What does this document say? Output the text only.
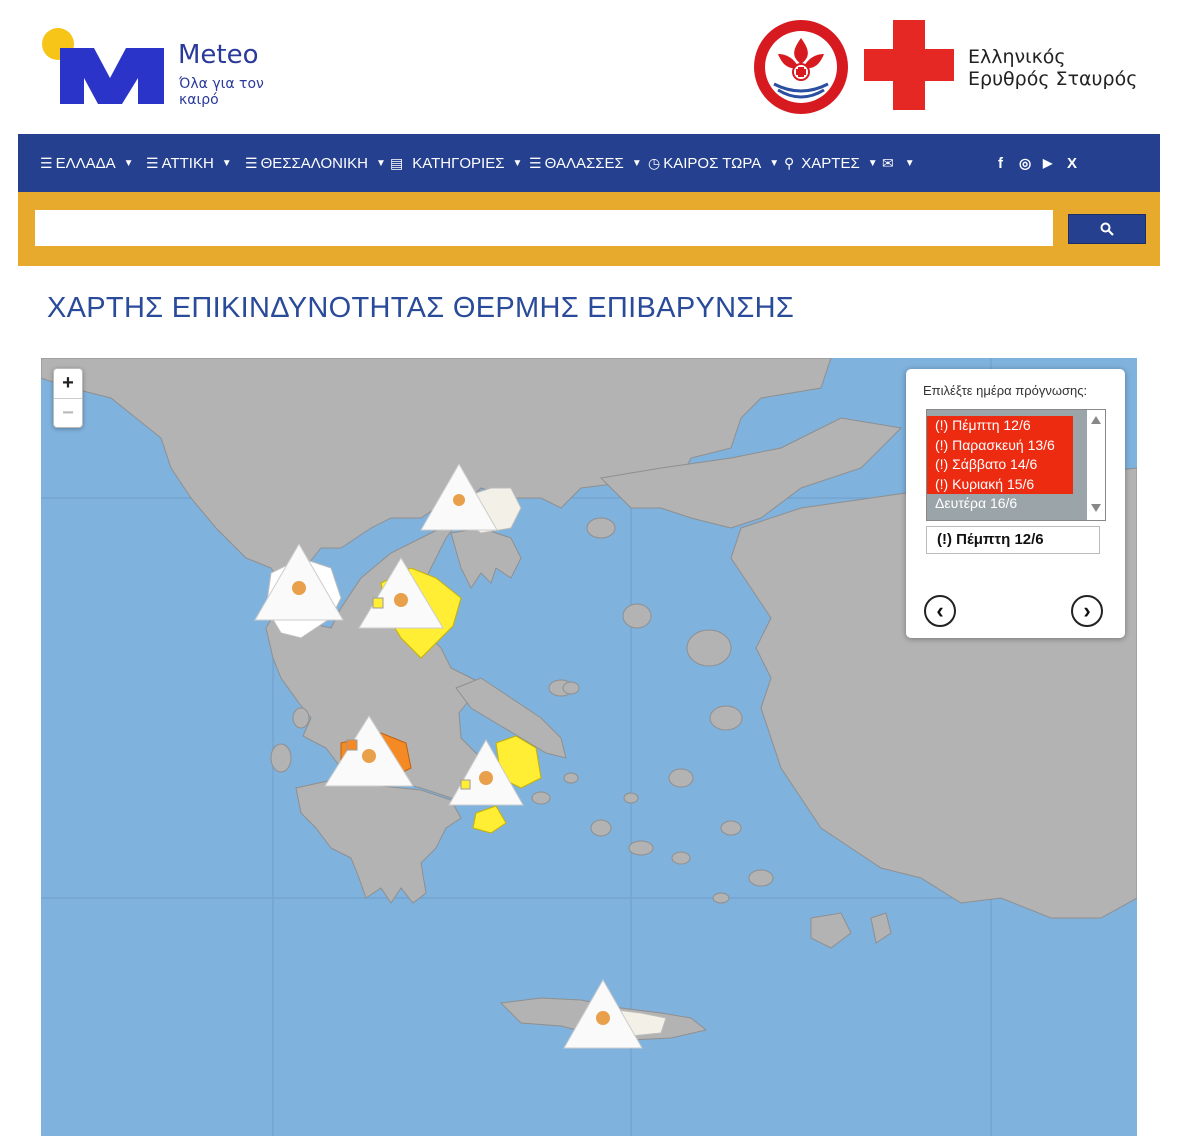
Meteo
Όλα για τον καιρό
Ελληνικός
Ερυθρός Σταυρός
☰ ΕΛΛΑΔΑ ▼ ☰ ΑΤΤΙΚΗ ▼ ☰ ΘΕΣΣΑΛΟΝΙΚΗ ▼ ▤ ΚΑΤΗΓΟΡΙΕΣ ▼ ☰ ΘΑΛΑΣΣΕΣ ▼ ◷ ΚΑΙΡΟΣ ΤΩΡΑ ▼ ⚲ ΧΑΡΤΕΣ ▼ ✉ ▼	f ◎ ▶ X
ΧΑΡΤΗΣ ΕΠΙΚΙΝΔΥΝΟΤΗΤΑΣ ΘΕΡΜΗΣ ΕΠΙΒΑΡΥΝΣΗΣ
+
−
Επιλέξτε ημέρα πρόγνωσης:
(!) Πέμπτη 12/6
(!) Παρασκευή 13/6
(!) Σάββατο 14/6
(!) Κυριακή 15/6
Δευτέρα 16/6
(!) Πέμπτη 12/6
‹	›
